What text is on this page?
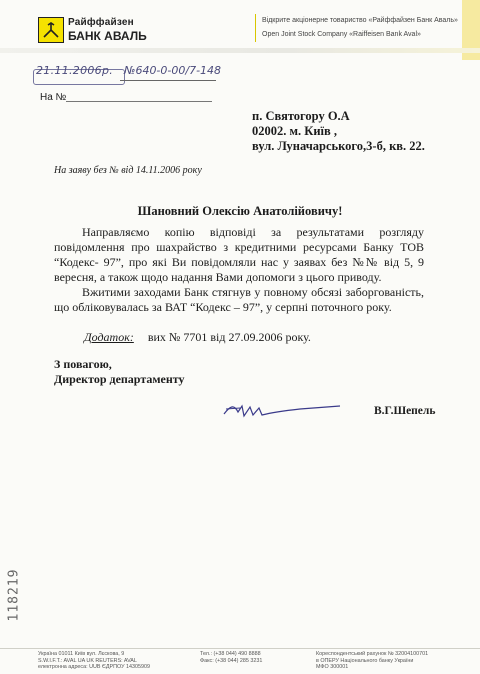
Райффайзен
БАНК АВАЛЬ
Відкрите акціонерне товариство «Райффайзен Банк Аваль»
Open Joint Stock Company «Raiffeisen Bank Aval»
21.11.2006р. №640-0-00/7-148
На №
п. Святогору О.А
02002. м. Київ ,
вул. Луначарського,3-б, кв. 22.
На заяву без № від 14.11.2006 року
Шановний Олексію Анатолійовичу!
Направляємо копію відповіді за результатами розгляду повідомлення про шахрайство з кредитними ресурсами Банку ТОВ “Кодекс- 97”, про які Ви повідомляли нас у заявах без №№ від 5, 9 вересня, а також щодо надання Вами допомоги з цього приводу.
Вжитими заходами Банк стягнув у повному обсязі заборгованість, що обліковувалась за ВАТ “Кодекс – 97”, у серпні поточного року.
Додаток: вих № 7701 від 27.09.2006 року.
З повагою,
Директор департаменту
В.Г.Шепель
118219
Україна 01011 Київ вул. Лєскова, 9
S.W.I.F.T.: AVAL UA UK REUTERS: AVAL
електронна адреса: UUB ЄДРПОУ 14305909
Тел.: (+38 044) 490 8888
Факс: (+38 044) 285 3231
Кореспондентський рахунок № 32004100701
в ОПЕРУ Національного банку України
МФО 300001
